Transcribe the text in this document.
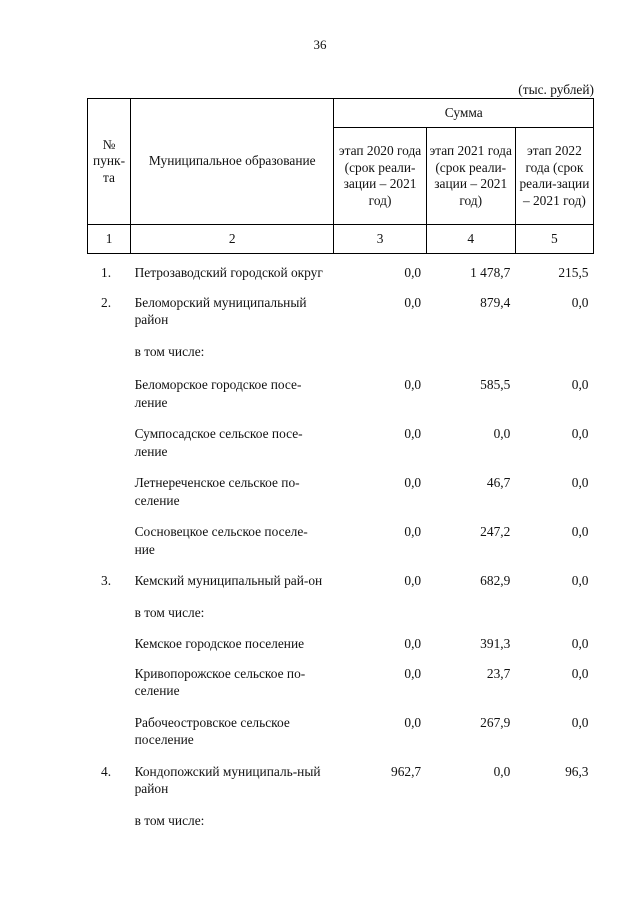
36
(тыс. рублей)
№ пунк-та	Муниципальное образование	Сумма		
		этап 2020 года (срок реали-зации – 2021 год)	этап 2021 года (срок реали-зации – 2021 год)	этап 2022 года (срок реали-зации – 2021 год)
1	2	3	4	5

1.	Петрозаводский городской округ	0,0	1 478,7	215,5

2.	Беломорский муниципальный район	0,0	879,4	0,0

	в том числе:			

	Беломорское городское посе-ление	0,0	585,5	0,0

	Сумпосадское сельское посе-ление	0,0	0,0	0,0

	Летнереченское сельское по-селение	0,0	46,7	0,0

	Сосновецкое сельское поселе-ние	0,0	247,2	0,0

3.	Кемский муниципальный рай-он	0,0	682,9	0,0

	в том числе:			

	Кемское городское поселение	0,0	391,3	0,0

	Кривопорожское сельское по-селение	0,0	23,7	0,0

	Рабочеостровское сельское поселение	0,0	267,9	0,0

4.	Кондопожский муниципаль-ный район	962,7	0,0	96,3

	в том числе:			
